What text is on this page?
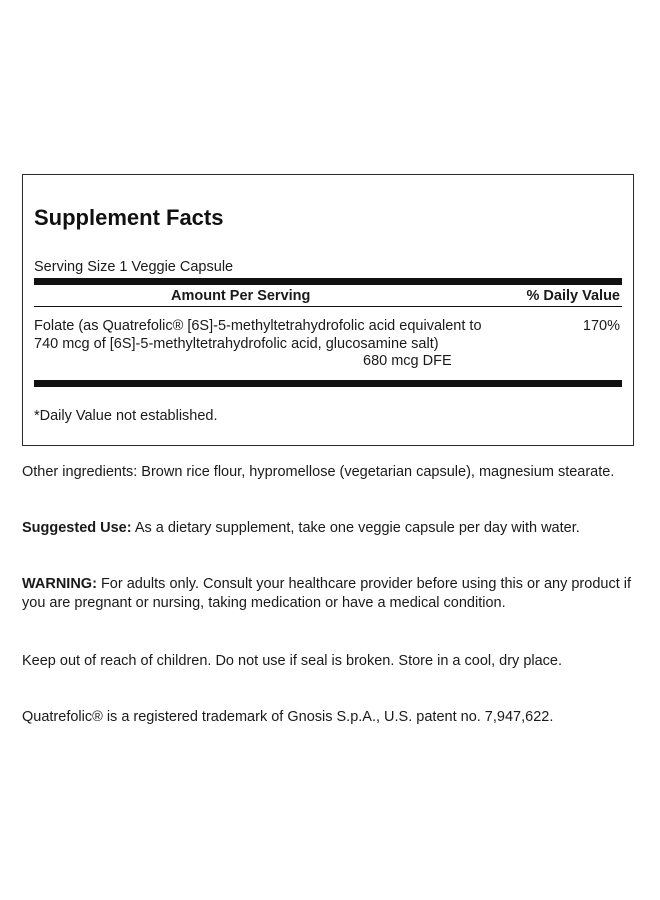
Supplement Facts
Serving Size 1 Veggie Capsule
Amount Per Serving	% Daily Value
Folate (as Quatrefolic® [6S]-5-methyltetrahydrofolic acid equivalent to 740 mcg of [6S]-5-methyltetrahydrofolic acid, glucosamine salt)
680 mcg DFE
170%
*Daily Value not established.

Other ingredients: Brown rice flour, hypromellose (vegetarian capsule), magnesium stearate.

Suggested Use: As a dietary supplement, take one veggie capsule per day with water.

WARNING: For adults only. Consult your healthcare provider before using this or any product if you are pregnant or nursing, taking medication or have a medical condition.

Keep out of reach of children. Do not use if seal is broken. Store in a cool, dry place.

Quatrefolic® is a registered trademark of Gnosis S.p.A., U.S. patent no. 7,947,622.
